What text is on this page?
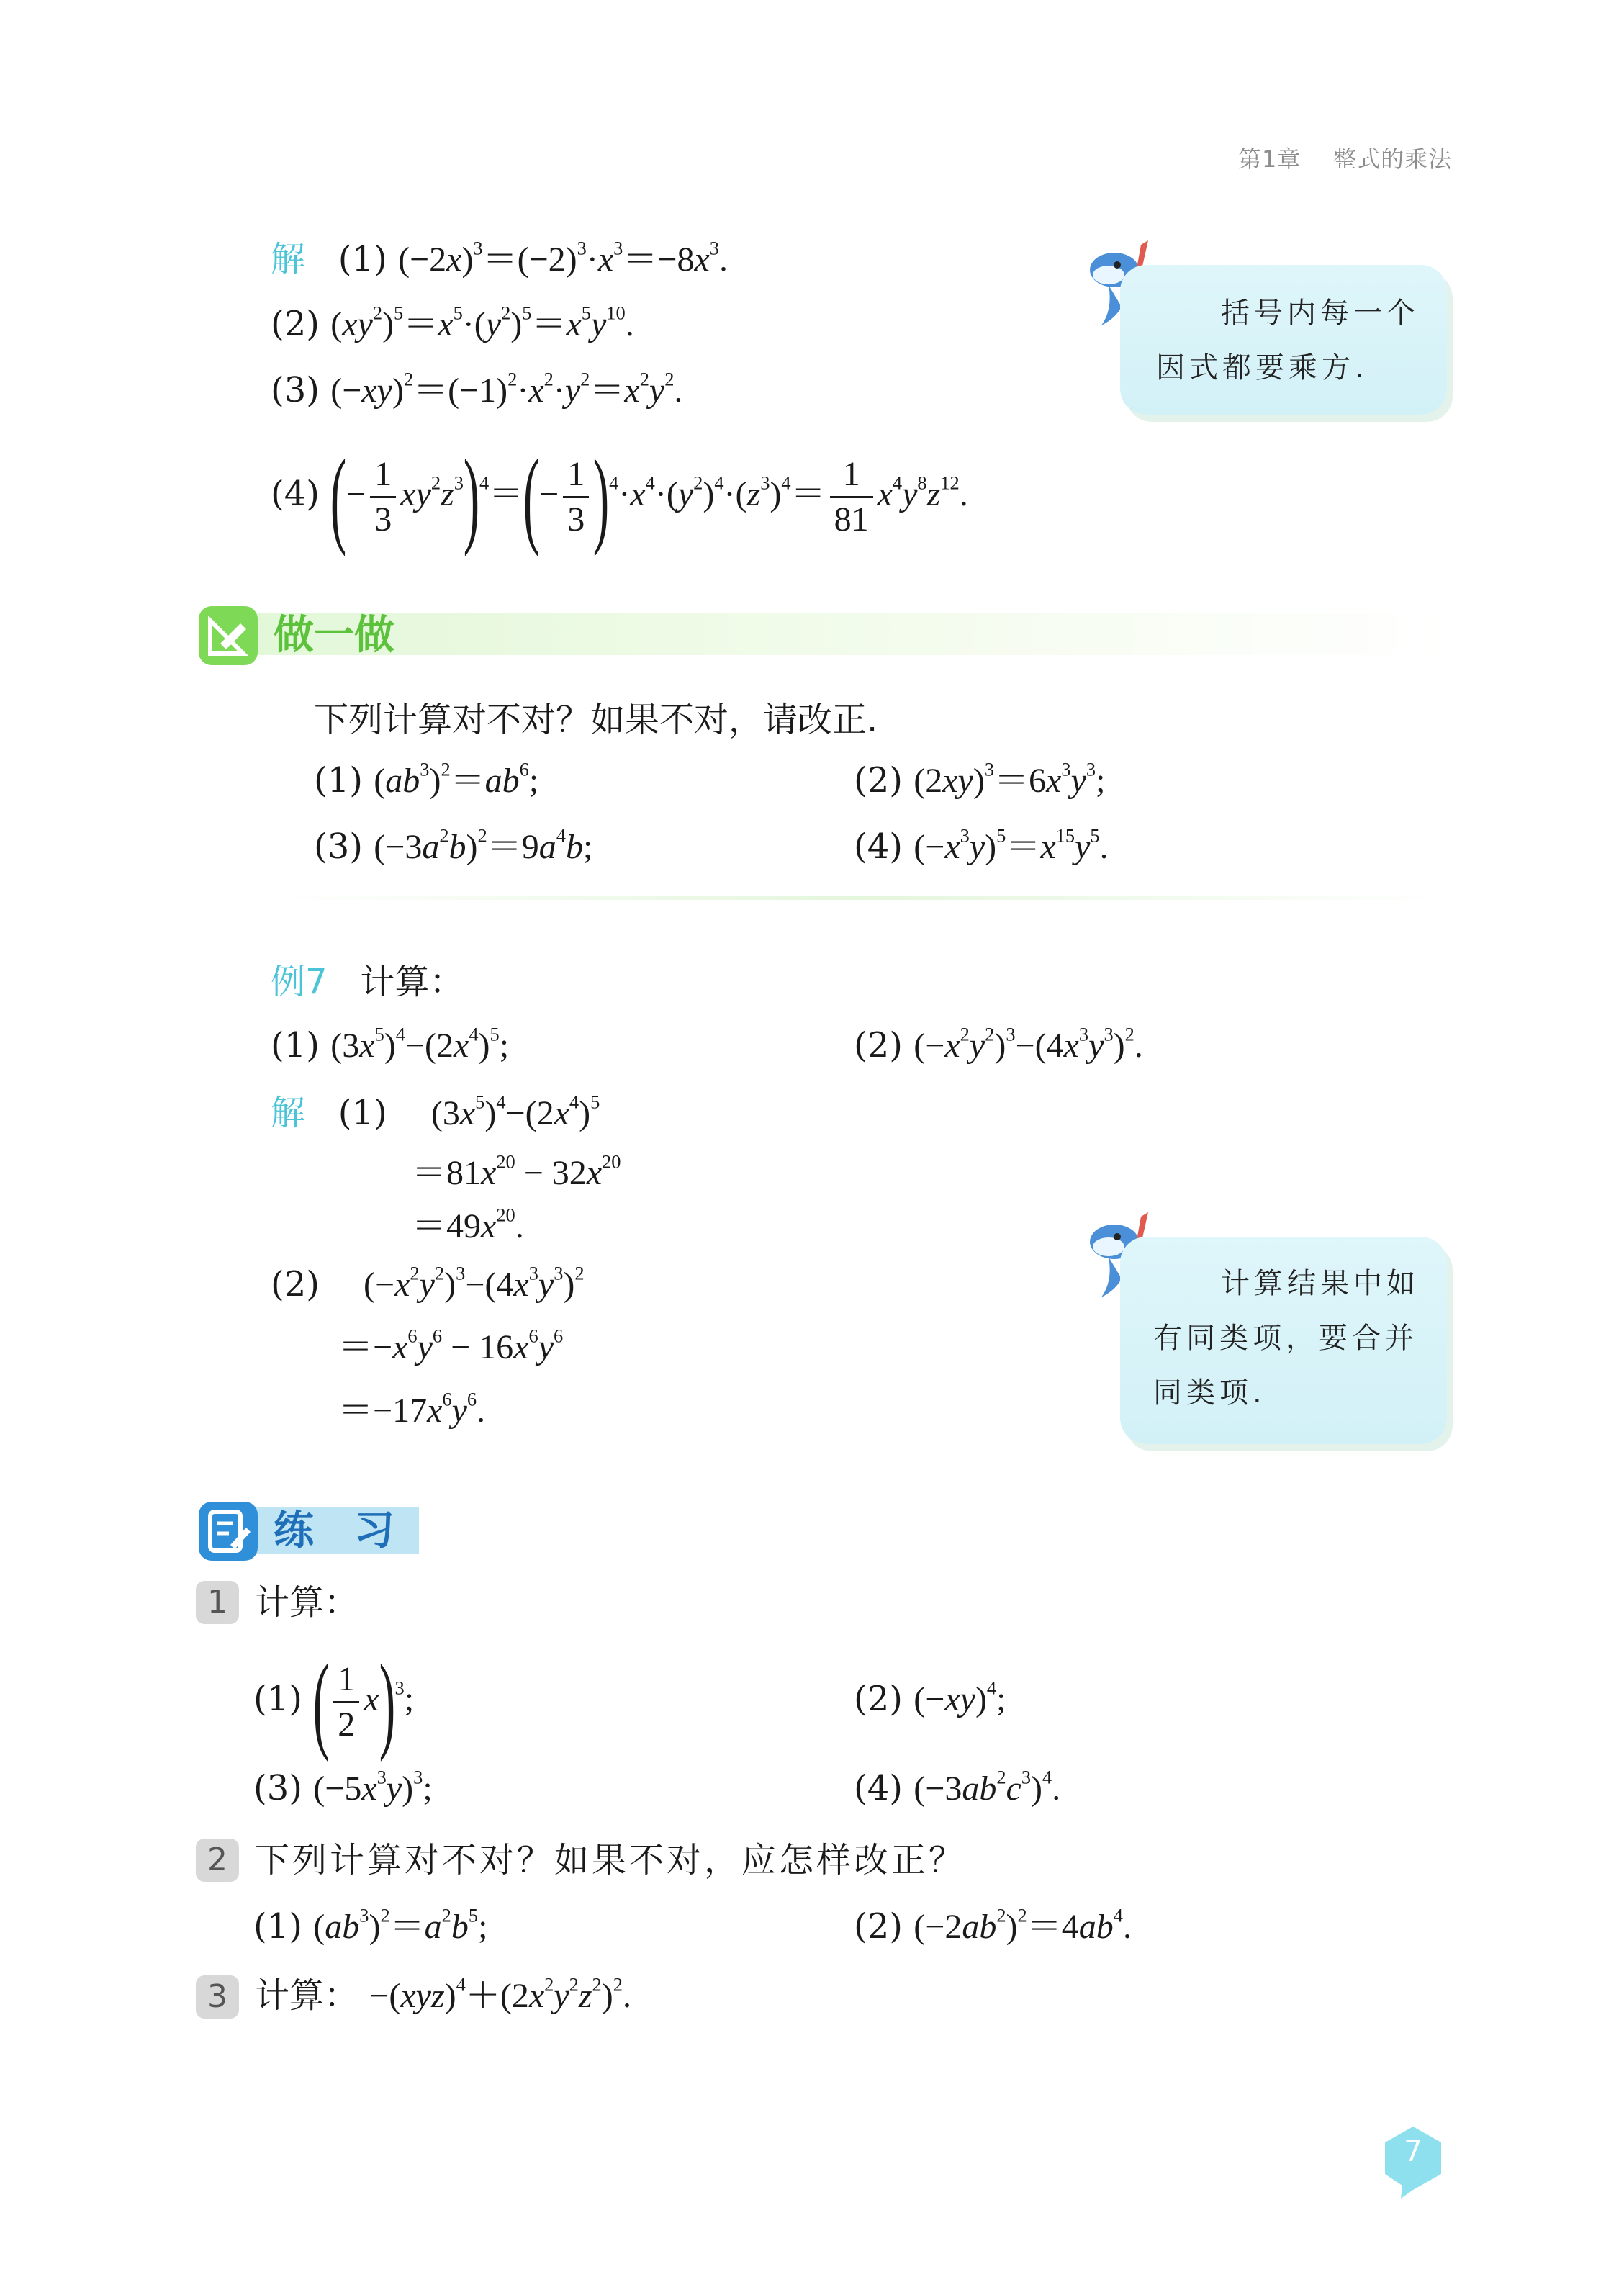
第1章 整式的乘法
解 (1) $(-2x)^3=(-2)^3\cdot x^3=-8x^3$.
(2) $(xy^2)^5=x^5\cdot(y^2)^5=x^5y^{10}$.
(3) $(-xy)^2=(-1)^2\cdot x^2\cdot y^2=x^2y^2$.
(4) (− $\frac{1}{3} xy^2z^3)^4=(- \frac{1}{3} )^4\cdot x^4\cdot(y^2)^4\cdot(z^3)^4= \frac{1}{81} x^4y^8z^{12}$.
括号内每一个
因式都要乘方.
做一做
下列计算对不对？如果不对，请改正.
(1) $(ab^3)^2=ab^6$;	(2) $(2xy)^3=6x^3y^3$;
(3) $(-3a^2b)^2=9a^4b$;	(4) $(-x^3y)^5=x^{15}y^5$.
例7 计算：
(1) $(3x^5)^4-(2x^4)^5$;	(2) $(-x^2y^2)^3-(4x^3y^3)^2$.
解 (1) $(3x^5)^4-(2x^4)^5$
$=81x^{20} - 32x^{20}$
$=49x^{20}$.
(2) $(-x^2y^2)^3-(4x^3y^3)^2$
$=-x^6y^6 - 16x^6y^6$
$=-17x^6y^6$.
计算结果中如
有同类项，要合并
同类项.
练　习
1 计算：
(1) ( $\frac{1}{2} x)^3$;	(2) $(-xy)^4$;
(3) $(-5x^3y)^3$;	(4) $(-3ab^2c^3)^4$.
2 下列计算对不对？如果不对，应怎样改正？
(1) $(ab^3)^2=a^2b^5$;	(2) $(-2ab^2)^2=4ab^4$.
3 计算： $-(xyz)^4+(2x^2y^2z^2)^2$.
7
